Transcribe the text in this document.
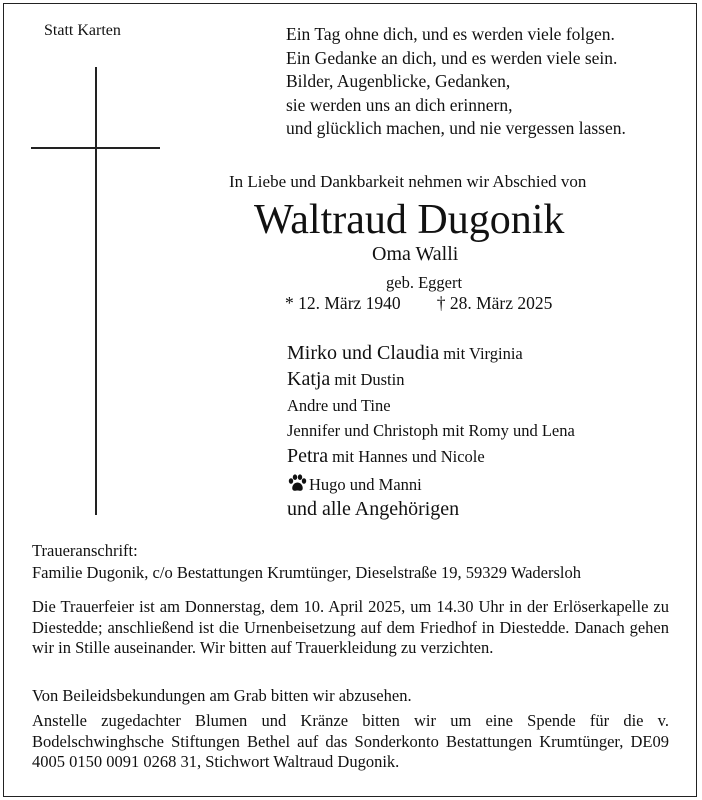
Statt Karten	Ein Tag ohne dich, und es werden viele folgen.
Ein Gedanke an dich, und es werden viele sein.
Bilder, Augenblicke, Gedanken,
sie werden uns an dich erinnern,
und glücklich machen, und nie vergessen lassen.
In Liebe und Dankbarkeit nehmen wir Abschied von
Waltraud Dugonik
Oma Walli
geb. Eggert
* 12. März 1940 † 28. März 2025
Mirko und Claudia mit Virginia
Katja mit Dustin
Andre und Tine
Jennifer und Christoph mit Romy und Lena
Petra mit Hannes und Nicole
Hugo und Manni
und alle Angehörigen
Traueranschrift:
Familie Dugonik, c/o Bestattungen Krumtünger, Dieselstraße 19, 59329 Wadersloh
Die Trauerfeier ist am Donnerstag, dem 10. April 2025, um 14.30 Uhr in der Erlöserkapelle zu Diestedde; anschließend ist die Urnenbeisetzung auf dem Friedhof in Diestedde. Danach gehen wir in Stille auseinander. Wir bitten auf Trauerkleidung zu verzichten.
Von Beileidsbekundungen am Grab bitten wir abzusehen.
Anstelle zugedachter Blumen und Kränze bitten wir um eine Spende für die v. Bodelschwinghsche Stiftungen Bethel auf das Sonderkonto Bestattungen Krumtünger, DE09 4005 0150 0091 0268 31, Stichwort Waltraud Dugonik.
